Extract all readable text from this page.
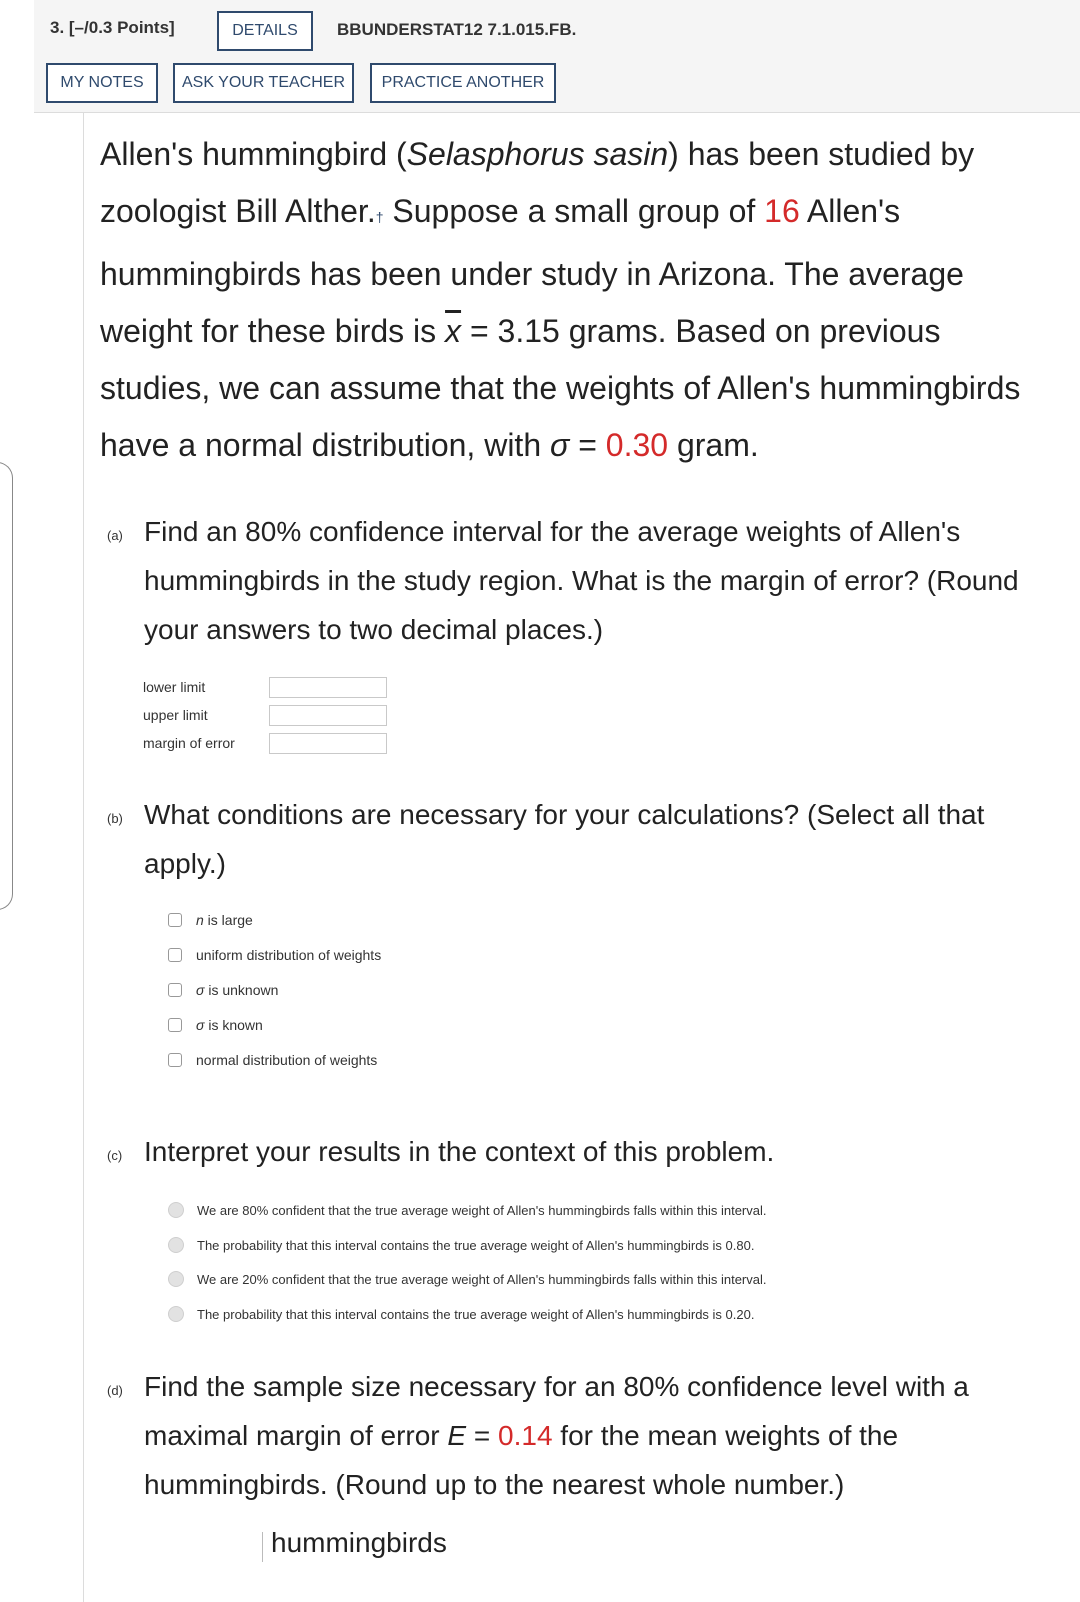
3. [–/0.3 Points]	DETAILS	BBUNDERSTAT12 7.1.015.FB.
MY NOTES	ASK YOUR TEACHER	PRACTICE ANOTHER
Allen's hummingbird (Selasphorus sasin) has been studied by zoologist Bill Alther.† Suppose a small group of 16 Allen's hummingbirds has been under study in Arizona. The average weight for these birds is $\overline{x} = 3.15$ grams. Based on previous studies, we can assume that the weights of Allen's hummingbirds have a normal distribution, with σ = 0.30 gram.
(a) Find an 80% confidence interval for the average weights of Allen's hummingbirds in the study region. What is the margin of error? (Round your answers to two decimal places.)
lower limit
upper limit
margin of error
(b) What conditions are necessary for your calculations? (Select all that apply.)
n is large
uniform distribution of weights
σ is unknown
σ is known
normal distribution of weights
(c) Interpret your results in the context of this problem.
We are 80% confident that the true average weight of Allen's hummingbirds falls within this interval.
The probability that this interval contains the true average weight of Allen's hummingbirds is 0.80.
We are 20% confident that the true average weight of Allen's hummingbirds falls within this interval.
The probability that this interval contains the true average weight of Allen's hummingbirds is 0.20.
(d) Find the sample size necessary for an 80% confidence level with a maximal margin of error E = 0.14 for the mean weights of the hummingbirds. (Round up to the nearest whole number.)
hummingbirds
